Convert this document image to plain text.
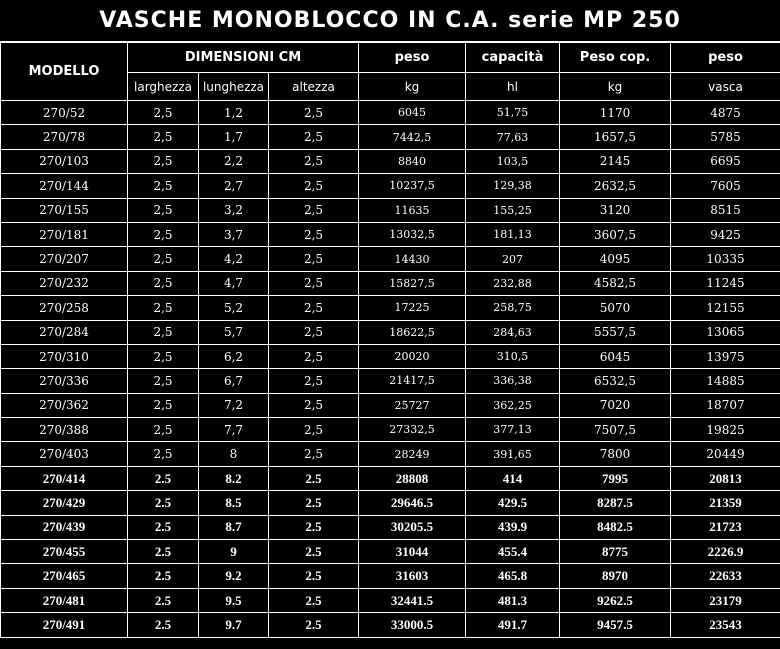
VASCHE MONOBLOCCO IN C.A. serie MP 250
MODELLO	DIMENSIONI CM			peso	capacità	Peso cop.	peso
	larghezza	lunghezza	altezza	kg	hl	kg	vasca
270/52	2,5	1,2	2,5	6045	51,75	1170	4875
270/78	2,5	1,7	2,5	7442,5	77,63	1657,5	5785
270/103	2,5	2,2	2,5	8840	103,5	2145	6695
270/144	2,5	2,7	2,5	10237,5	129,38	2632,5	7605
270/155	2,5	3,2	2,5	11635	155,25	3120	8515
270/181	2,5	3,7	2,5	13032,5	181,13	3607,5	9425
270/207	2,5	4,2	2,5	14430	207	4095	10335
270/232	2,5	4,7	2,5	15827,5	232,88	4582,5	11245
270/258	2,5	5,2	2,5	17225	258,75	5070	12155
270/284	2,5	5,7	2,5	18622,5	284,63	5557,5	13065
270/310	2,5	6,2	2,5	20020	310,5	6045	13975
270/336	2,5	6,7	2,5	21417,5	336,38	6532,5	14885
270/362	2,5	7,2	2,5	25727	362,25	7020	18707
270/388	2,5	7,7	2,5	27332,5	377,13	7507,5	19825
270/403	2,5	8	2,5	28249	391,65	7800	20449
270/414	2.5	8.2	2.5	28808	414	7995	20813
270/429	2.5	8.5	2.5	29646.5	429.5	8287.5	21359
270/439	2.5	8.7	2.5	30205.5	439.9	8482.5	21723
270/455	2.5	9	2.5	31044	455.4	8775	2226.9
270/465	2.5	9.2	2.5	31603	465.8	8970	22633
270/481	2.5	9.5	2.5	32441.5	481.3	9262.5	23179
270/491	2.5	9.7	2.5	33000.5	491.7	9457.5	23543
